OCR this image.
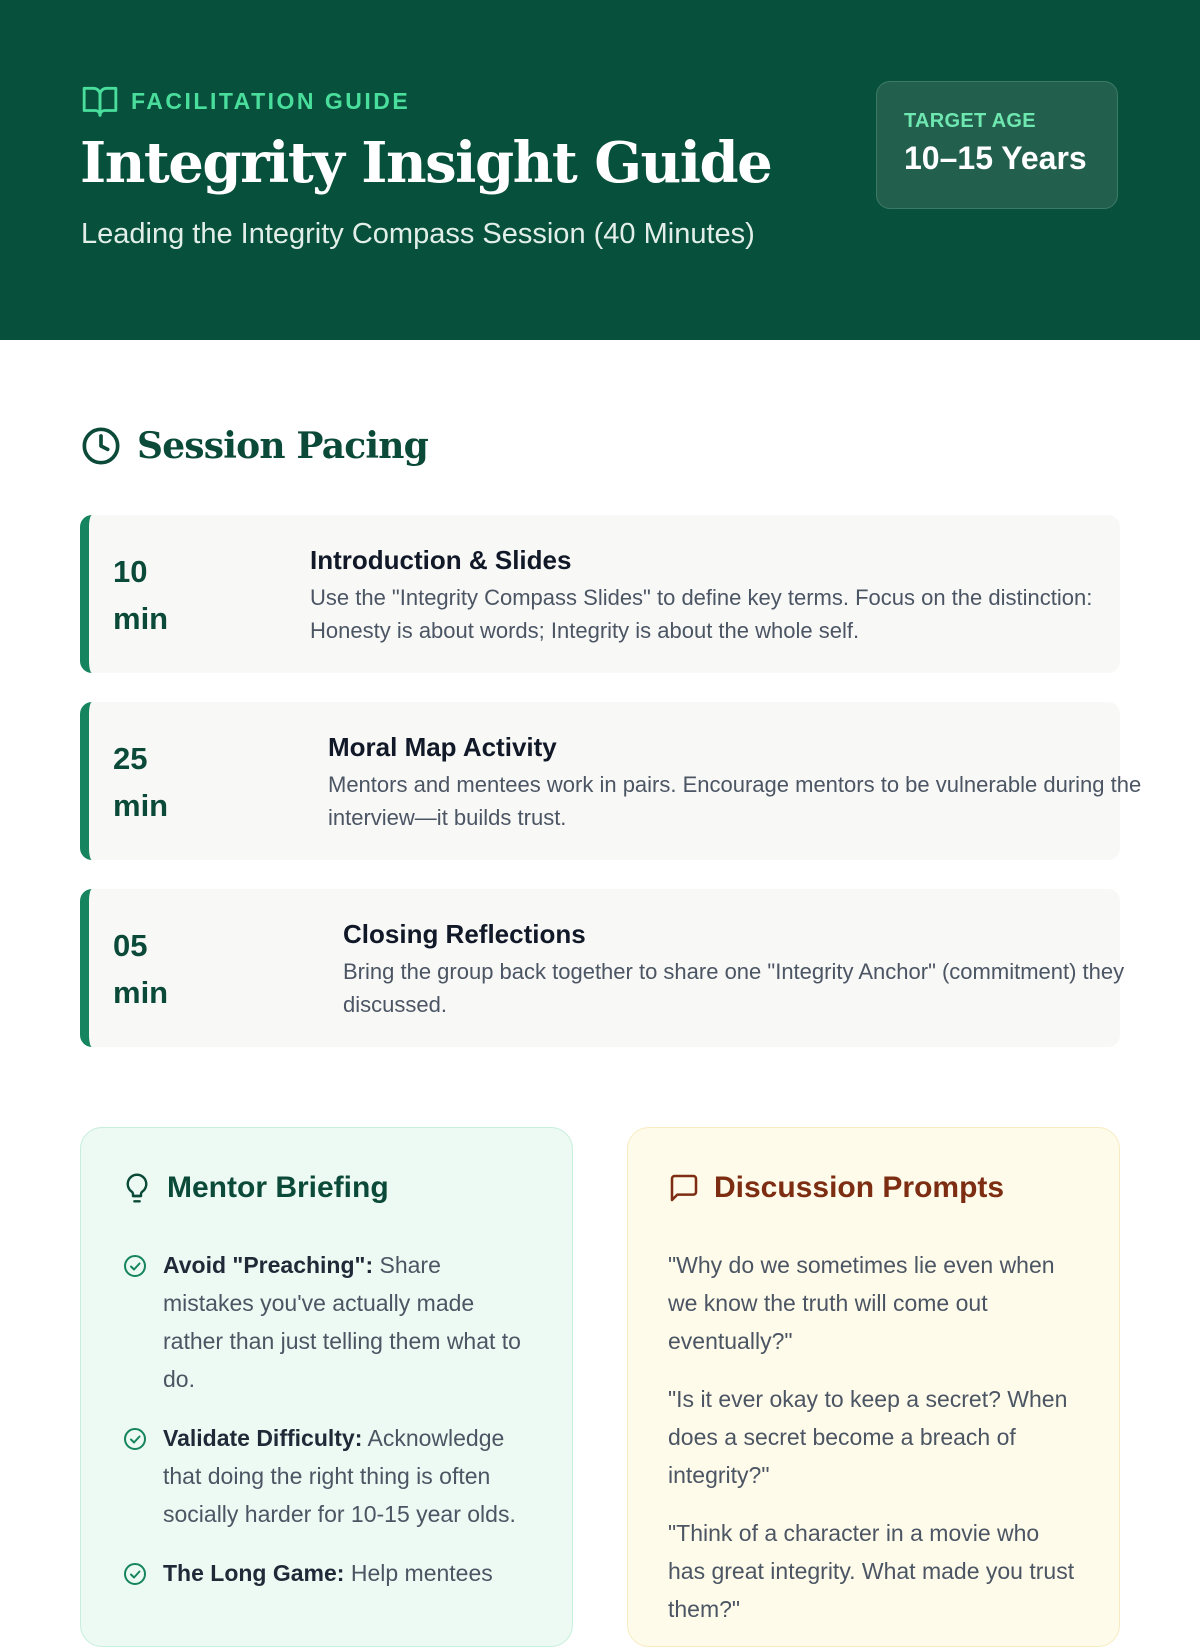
FACILITATION GUIDE
Integrity Insight Guide
Leading the Integrity Compass Session (40 Minutes)
TARGET AGE
10–15 Years
Session Pacing
10
min
Introduction & Slides
Use the "Integrity Compass Slides" to define key terms. Focus on the distinction: Honesty is about words; Integrity is about the whole self.
25
min
Moral Map Activity
Mentors and mentees work in pairs. Encourage mentors to be vulnerable during the interview—it builds trust.
05
min
Closing Reflections
Bring the group back together to share one "Integrity Anchor" (commitment) they discussed.
Mentor Briefing
Avoid "Preaching": Share mistakes you've actually made rather than just telling them what to do.
Validate Difficulty: Acknowledge that doing the right thing is often socially harder for 10-15 year olds.
The Long Game: Help mentees
Discussion Prompts

"Why do we sometimes lie even when we know the truth will come out eventually?"

"Is it ever okay to keep a secret? When does a secret become a breach of integrity?"

"Think of a character in a movie who has great integrity. What made you trust them?"
